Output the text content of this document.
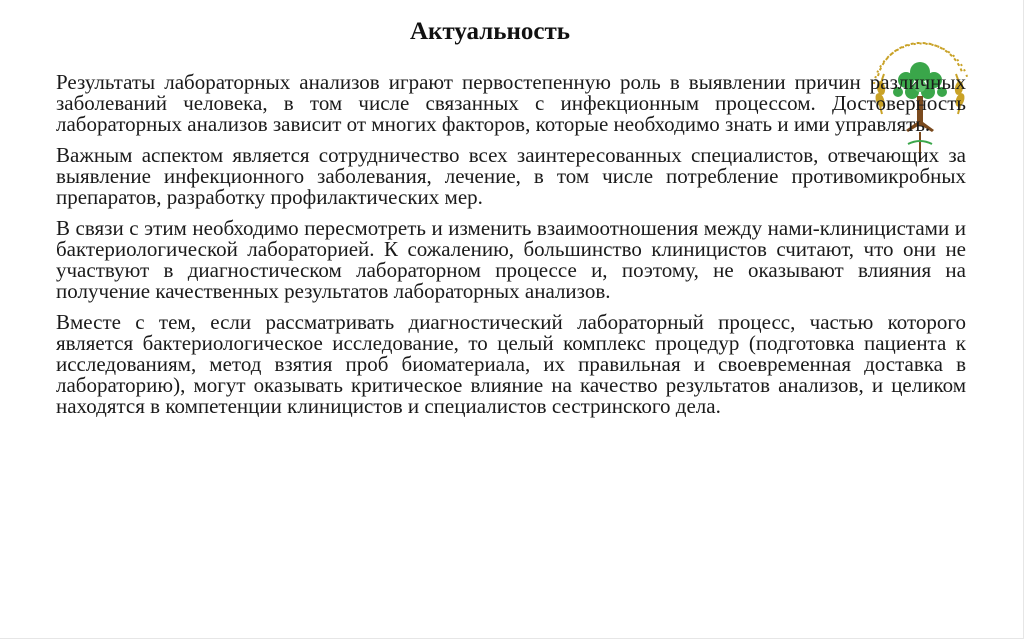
Актуальность

Результаты лабораторных анализов играют первостепенную роль в выявлении причин различных заболеваний человека, в том числе связанных с инфекционным процессом. Достоверность лабораторных анализов зависит от многих факторов, которые необходимо знать и ими управлять.

Важным аспектом является сотрудничество всех заинтересованных специалистов, отвечающих за выявление инфекционного заболевания, лечение, в том числе потребление противомикробных препаратов, разработку профилактических мер.

В связи с этим необходимо пересмотреть и изменить взаимоотношения между нами-клиницистами и бактериологической лабораторией. К сожалению, большинство клиницистов считают, что они не участвуют в диагностическом лабораторном процессе и, поэтому, не оказывают влияния на получение качественных результатов лабораторных анализов.

Вместе с тем, если рассматривать диагностический лабораторный процесс, частью которого является бактериологическое исследование, то целый комплекс процедур (подготовка пациента к исследованиям, метод взятия проб биоматериала, их правильная и своевременная доставка в лабораторию), могут оказывать критическое влияние на качество результатов анализов, и целиком находятся в компетенции клиницистов и специалистов сестринского дела.
